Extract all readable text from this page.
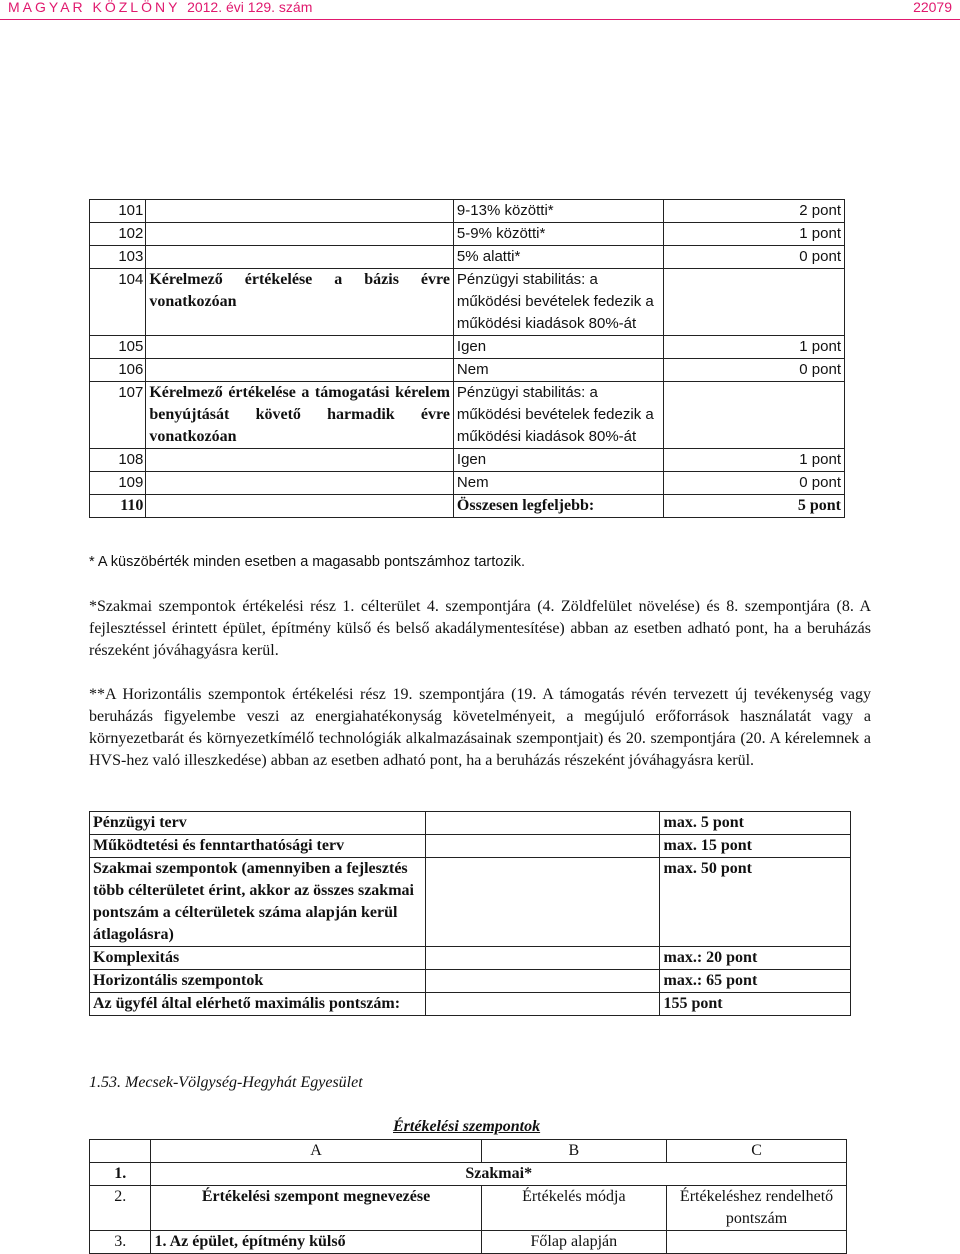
MAGYAR KÖZLÖNY 2012. évi 129. szám	22079
101		9-13% közötti*	2 pont
102		5-9% közötti*	1 pont
103		5% alatti*	0 pont
104	Kérelmező értékelése a bázis évre vonatkozóan	Pénzügyi stabilitás: a működési bevételek fedezik a működési kiadások 80%-át	
105		Igen	1 pont
106		Nem	0 pont
107	Kérelmező értékelése a támogatási kérelem benyújtását követő harmadik évre vonatkozóan	Pénzügyi stabilitás: a működési bevételek fedezik a működési kiadások 80%-át	
108		Igen	1 pont
109		Nem	0 pont
110		Összesen legfeljebb:	5 pont
* A küszöbérték minden esetben a magasabb pontszámhoz tartozik.

*Szakmai szempontok értékelési rész 1. célterület 4. szempontjára (4. Zöldfelület növelése) és 8. szempontjára (8. A fejlesztéssel érintett épület, építmény külső és belső akadálymentesítése) abban az esetben adható pont, ha a beruházás részeként jóváhagyásra kerül.

**A Horizontális szempontok értékelési rész 19. szempontjára (19. A támogatás révén tervezett új tevékenység vagy beruházás figyelembe veszi az energiahatékonyság követelményeit, a megújuló erőforrások használatát vagy a környezetbarát és környezetkímélő technológiák alkalmazásainak szempontjait) és 20. szempontjára (20. A kérelemnek a HVS-hez való illeszkedése) abban az esetben adható pont, ha a beruházás részeként jóváhagyásra kerül.

Pénzügyi terv		max. 5 pont
Működtetési és fenntarthatósági terv		max. 15 pont
Szakmai szempontok (amennyiben a fejlesztés több célterületet érint, akkor az összes szakmai pontszám a célterületek száma alapján kerül átlagolásra)		max. 50 pont
Komplexitás		max.: 20 pont
Horizontális szempontok		max.: 65 pont
Az ügyfél által elérhető maximális pontszám:		155 pont
1.53. Mecsek-Völgység-Hegyhát Egyesület
Értékelési szempontok
	A	B	C
1.	Szakmai*		
2.	Értékelési szempont megnevezése	Értékelés módja	Értékeléshez rendelhető pontszám
3.	1. Az épület, építmény külső	Főlap alapján	
